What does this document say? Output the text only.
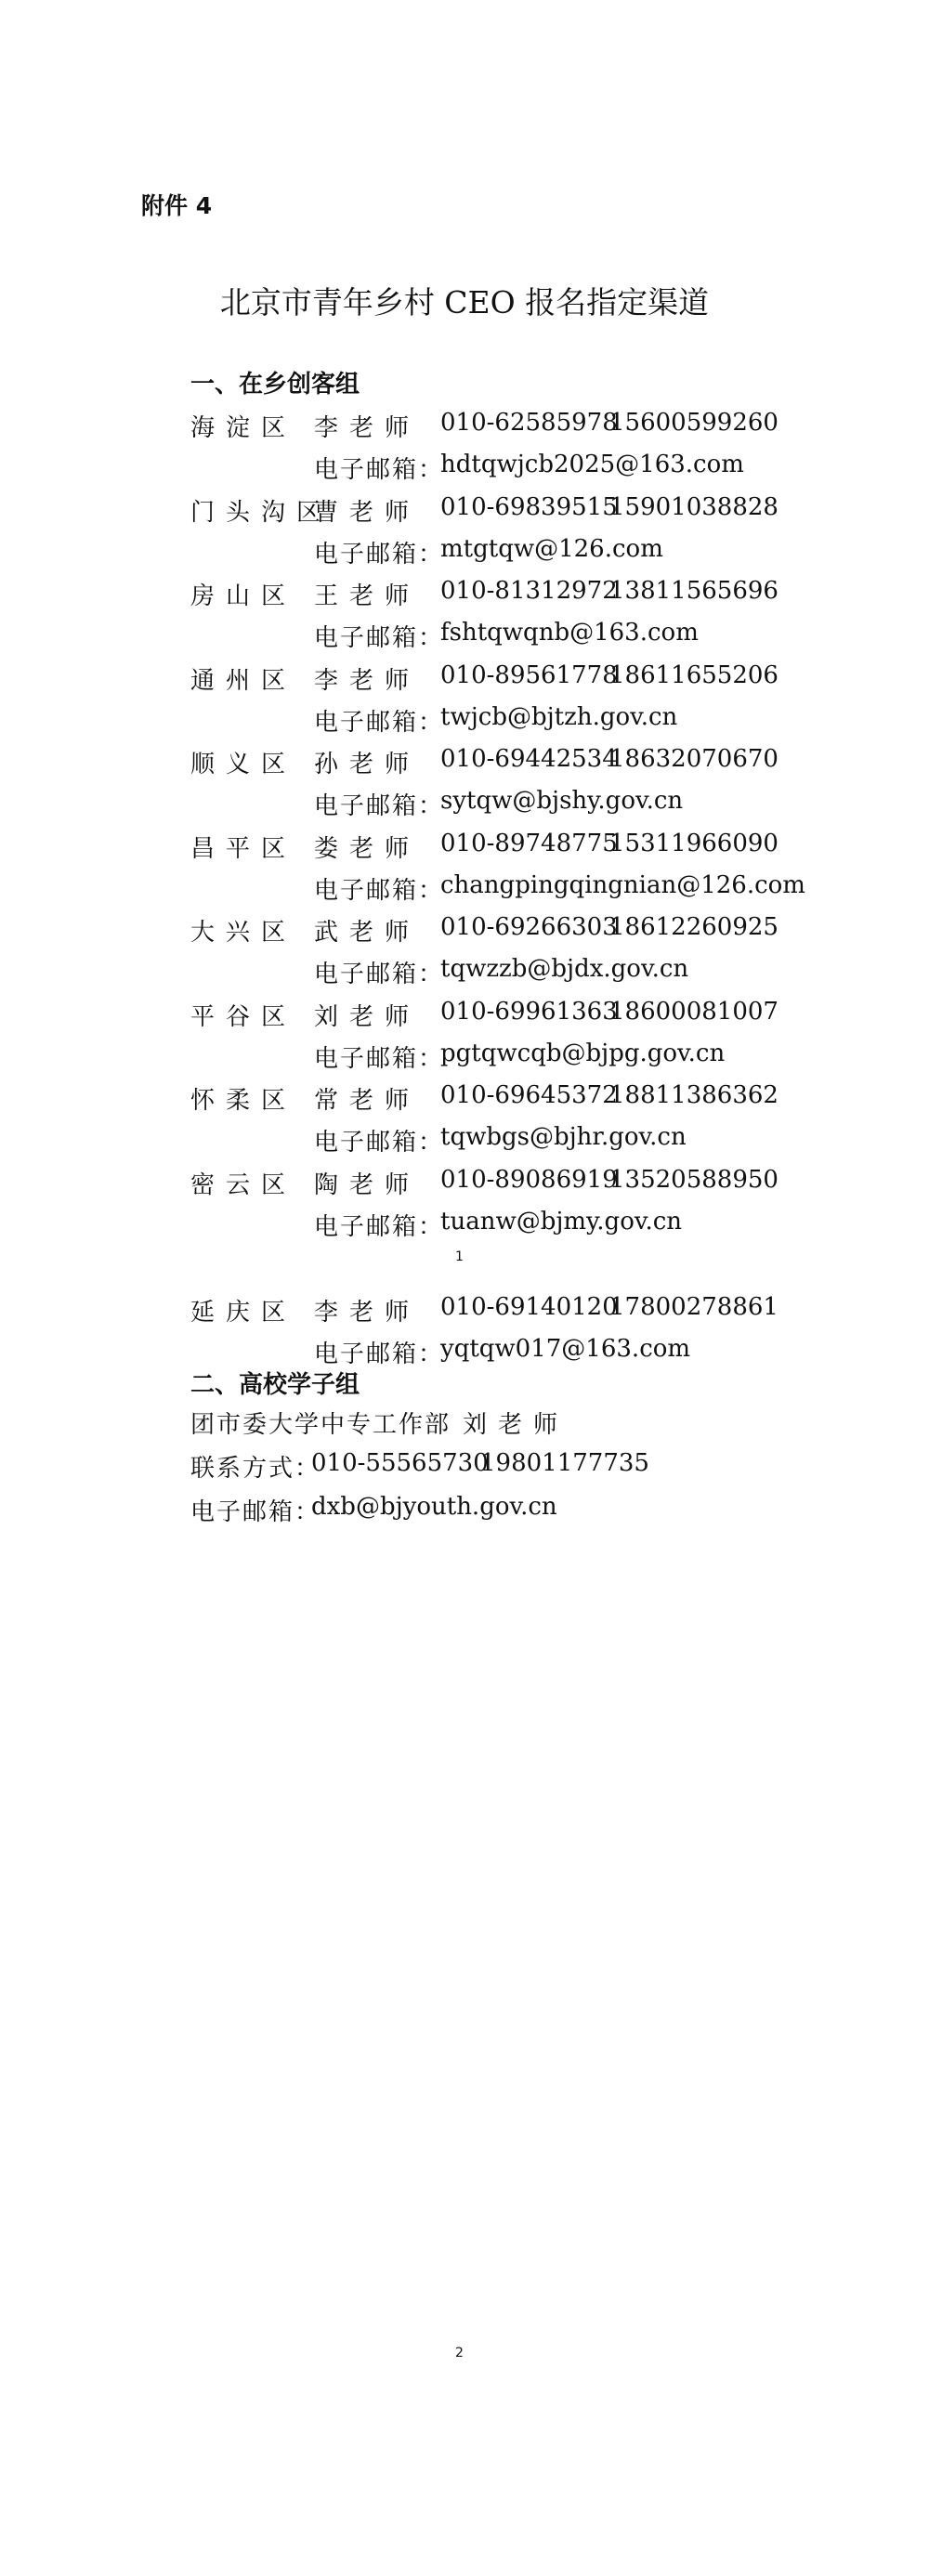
附件 4
北京市青年乡村 CEO 报名指定渠道
一、在乡创客组
海淀区 李老师 010-62585978
15600599260
电子邮箱：
hdtqwjcb2025@163.com
门头沟区
曹老师 010-69839515
15901038828
电子邮箱：
mtgtqw@126.com
房山区 王老师 010-81312972
13811565696
电子邮箱：
fshtqwqnb@163.com
通州区 李老师 010-89561778
18611655206
电子邮箱：
twjcb@bjtzh.gov.cn
顺义区 孙老师 010-69442534
18632070670
电子邮箱：
sytqw@bjshy.gov.cn
昌平区 娄老师 010-89748775
15311966090
电子邮箱：
changpingqingnian@126.com
大兴区 武老师 010-69266303
18612260925
电子邮箱：
tqwzzb@bjdx.gov.cn
平谷区 刘老师 010-69961363
18600081007
电子邮箱：
pgtqwcqb@bjpg.gov.cn
怀柔区 常老师 010-69645372
18811386362
电子邮箱：
tqwbgs@bjhr.gov.cn
密云区 陶老师 010-89086919
13520588950
电子邮箱：
tuanw@bjmy.gov.cn
延庆区 李老师 010-69140120
17800278861
电子邮箱：
yqtqw017@163.com
1
二、高校学子组
团市委大学中专工作部 刘老师
联系方式：
010-55565730
19801177735
电子邮箱：
dxb@bjyouth.gov.cn
2
